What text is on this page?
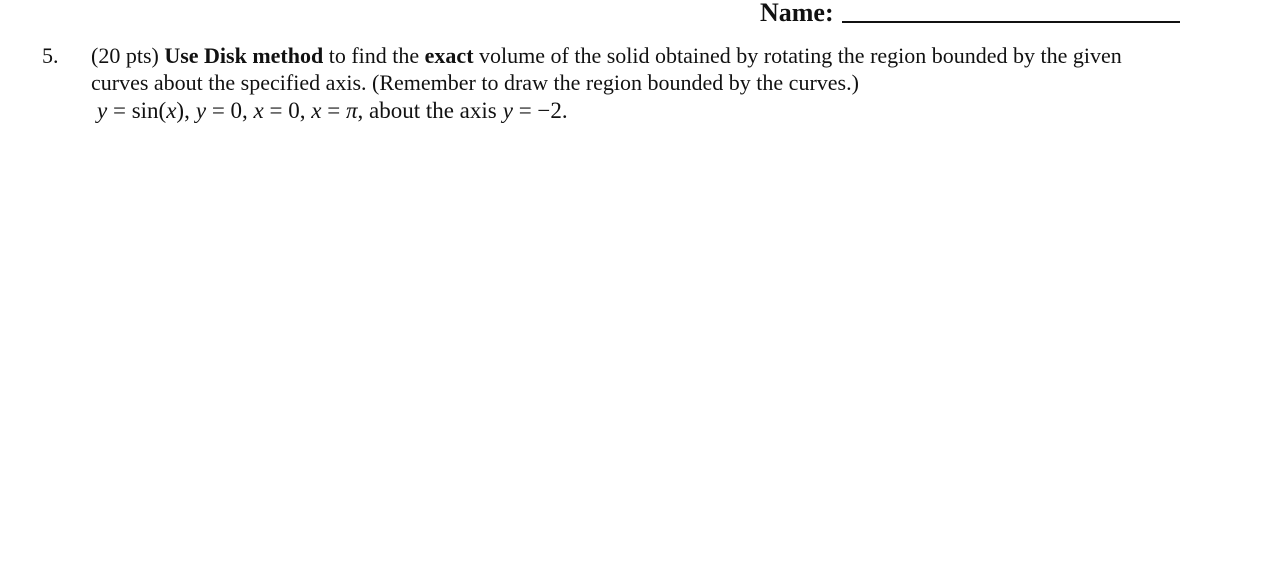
Name:
5. (20 pts) Use Disk method to find the exact volume of the solid obtained by rotating the region bounded by the given
curves about the specified axis. (Remember to draw the region bounded by the curves.)
y = sin(x), y = 0, x = 0, x = π, about the axis y = −2.
